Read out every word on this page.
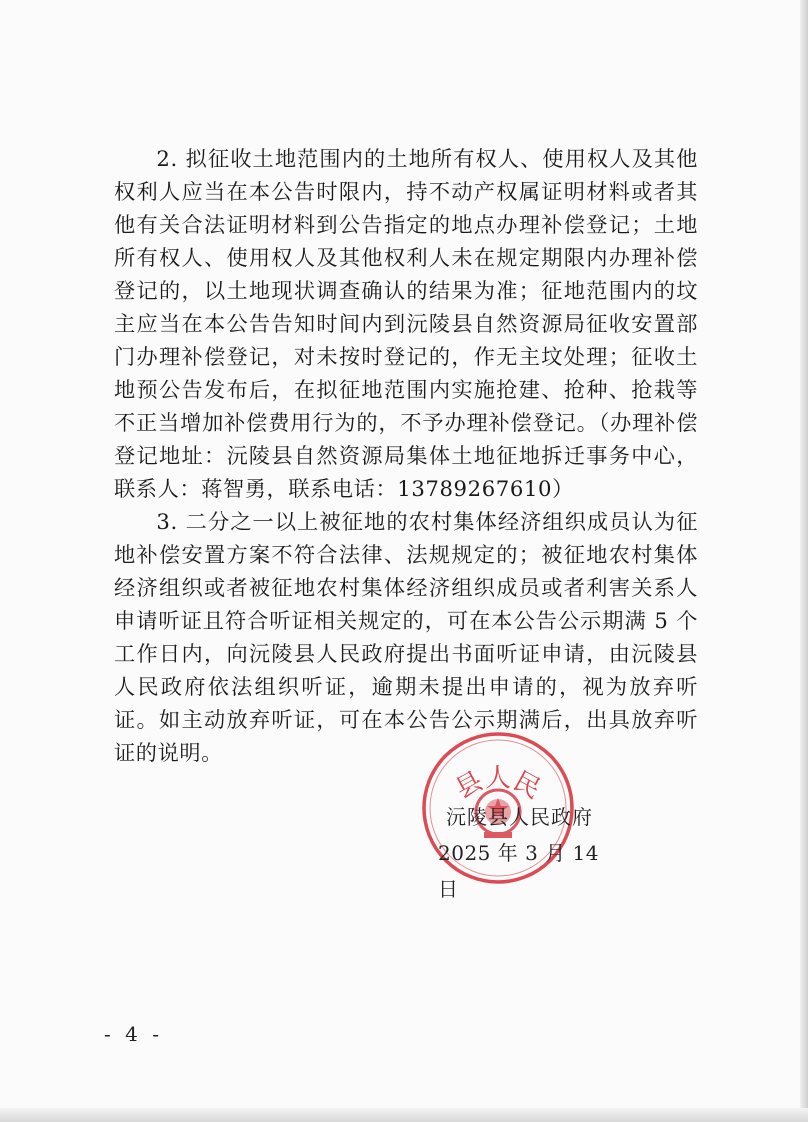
2. 拟征收土地范围内的土地所有权人、使用权人及其他权利人应当在本公告时限内，持不动产权属证明材料或者其他有关合法证明材料到公告指定的地点办理补偿登记；土地所有权人、使用权人及其他权利人未在规定期限内办理补偿登记的，以土地现状调查确认的结果为准；征地范围内的坟主应当在本公告告知时间内到沅陵县自然资源局征收安置部门办理补偿登记，对未按时登记的，作无主坟处理；征收土地预公告发布后，在拟征地范围内实施抢建、抢种、抢栽等不正当增加补偿费用行为的，不予办理补偿登记。（办理补偿登记地址：沅陵县自然资源局集体土地征地拆迁事务中心，联系人：蒋智勇，联系电话：13789267610）

3. 二分之一以上被征地的农村集体经济组织成员认为征地补偿安置方案不符合法律、法规规定的；被征地农村集体经济组织或者被征地农村集体经济组织成员或者利害关系人申请听证且符合听证相关规定的，可在本公告公示期满 5 个工作日内，向沅陵县人民政府提出书面听证申请，由沅陵县人民政府依法组织听证，逾期未提出申请的，视为放弃听证。如主动放弃听证，可在本公告公示期满后，出具放弃听证的说明。

县人民
沅陵县人民政府
2025 年 3 月 14 日
- 4 -
